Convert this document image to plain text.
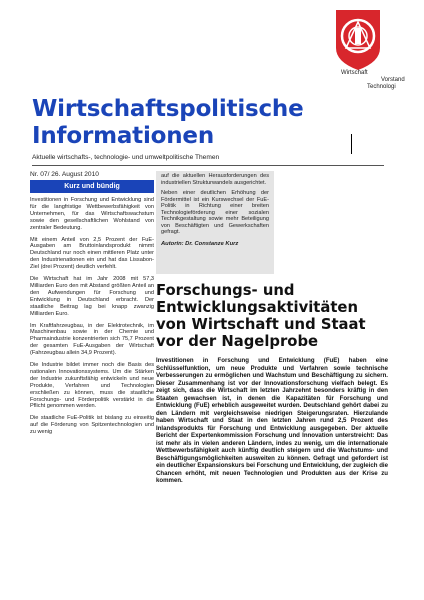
Wirtschaft
Vorstand
Technologi
Wirtschaftspolitische
Informationen
Aktuelle wirtschafts-, technologie- und umweltpolitische Themen
Nr. 07/ 26. August 2010
Kurz und bündig

Investitionen in Forschung und Entwicklung sind für die langfristige Wettbewerbsfähigkeit von Unternehmen, für das Wirtschaftswachstum sowie den gesellschaftlichen Wohlstand von zentraler Bedeutung.

Mit einem Anteil von 2,5 Prozent der FuE-Ausgaben am Bruttoinlandsprodukt nimmt Deutschland nur noch einen mittleren Platz unter den Industrienationen ein und hat das Lissabon-Ziel (drei Prozent) deutlich verfehlt.

Die Wirtschaft hat im Jahr 2008 mit 57,3 Milliarden Euro den mit Abstand größten Anteil an den Aufwendungen für Forschung und Entwicklung in Deutschland erbracht. Der staatliche Beitrag lag bei knapp zwanzig Milliarden Euro.

Im Kraftfahrzeugbau, in der Elektrotechnik, im Maschinenbau sowie in der Chemie und Pharmaindustrie konzentrierten sich 75,7 Prozent der gesamten FuE-Ausgaben der Wirtschaft (Fahrzeugbau allein 34,9 Prozent).

Die Industrie bildet immer noch die Basis des nationalen Innovationssystems. Um die Stärken der Industrie zukunftsfähig entwickeln und neue Produkte, Verfahren und Technologien erschließen zu können, muss die staatliche Forschungs- und Förderpolitik verstärkt in die Pflicht genommen werden.

Die staatliche FuE-Politik ist bislang zu einseitig auf die Förderung von Spitzentechnologien und zu wenig

auf die aktuellen Herausforderungen des industriellen Strukturwandels ausgerichtet.

Neben einer deutlichen Erhöhung der Fördermittel ist ein Kurswechsel der FuE-Politik in Richtung einer breiten Technologieförderung einer sozialen Technikgestaltung sowie mehr Beteiligung von Beschäftigten und Gewerkschaften gefragt.

Autorin: Dr. Constanze Kurz
Forschungs- und Entwicklungsaktivitäten von Wirtschaft und Staat vor der Nagelprobe
Investitionen in Forschung und Entwicklung (FuE) haben eine Schlüsselfunktion, um neue Produkte und Verfahren sowie technische Verbesserungen zu ermöglichen und Wachstum und Beschäftigung zu sichern. Dieser Zusammenhang ist vor der Innovationsforschung vielfach belegt. Es zeigt sich, dass die Wirtschaft im letzten Jahrzehnt besonders kräftig in den Staaten gewachsen ist, in denen die Kapazitäten für Forschung und Entwicklung (FuE) erheblich ausgeweitet wurden. Deutschland gehört dabei zu den Ländern mit vergleichsweise niedrigen Steigerungsraten. Hierzulande haben Wirtschaft und Staat in den letzten Jahren rund 2,5 Prozent des Inlandsprodukts für Forschung und Entwicklung ausgegeben. Der aktuelle Bericht der Expertenkommission Forschung und Innovation unterstreicht: Das ist mehr als in vielen anderen Ländern, indes zu wenig, um die internationale Wettbewerbsfähigkeit auch künftig deutlich steigern und die Wachstums- und Beschäftigungsmöglichkeiten ausweiten zu können. Gefragt und gefordert ist ein deutlicher Expansionskurs bei Forschung und Entwicklung, der zugleich die Chancen erhöht, mit neuen Technologien und Produkten aus der Krise zu kommen.
